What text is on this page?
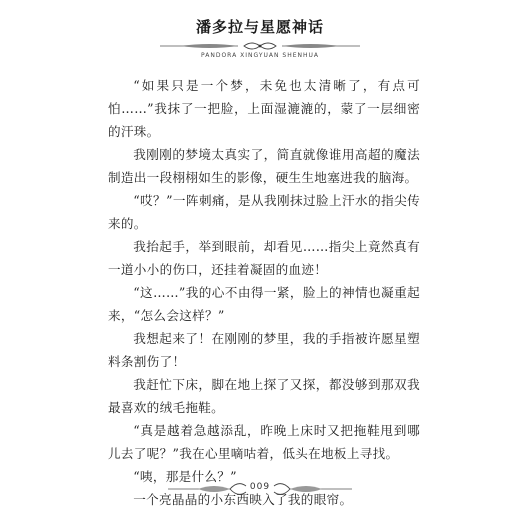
潘多拉与星愿神话
PANDORA XINGYUAN SHENHUA

“如果只是一个梦，未免也太清晰了，有点可怕……”我抹了一把脸，上面湿漉漉的，蒙了一层细密的汗珠。

我刚刚的梦境太真实了，简直就像谁用高超的魔法制造出一段栩栩如生的影像，硬生生地塞进我的脑海。

“哎？”一阵刺痛，是从我刚抹过脸上汗水的指尖传来的。

我抬起手，举到眼前，却看见……指尖上竟然真有一道小小的伤口，还挂着凝固的血迹！

“这……”我的心不由得一紧，脸上的神情也凝重起来，“怎么会这样？”

我想起来了！在刚刚的梦里，我的手指被许愿星塑料条割伤了！

我赶忙下床，脚在地上探了又探，都没够到那双我最喜欢的绒毛拖鞋。

“真是越着急越添乱，昨晚上床时又把拖鞋甩到哪儿去了呢？”我在心里嘀咕着，低头在地板上寻找。

“咦，那是什么？”

一个亮晶晶的小东西映入了我的眼帘。

009
